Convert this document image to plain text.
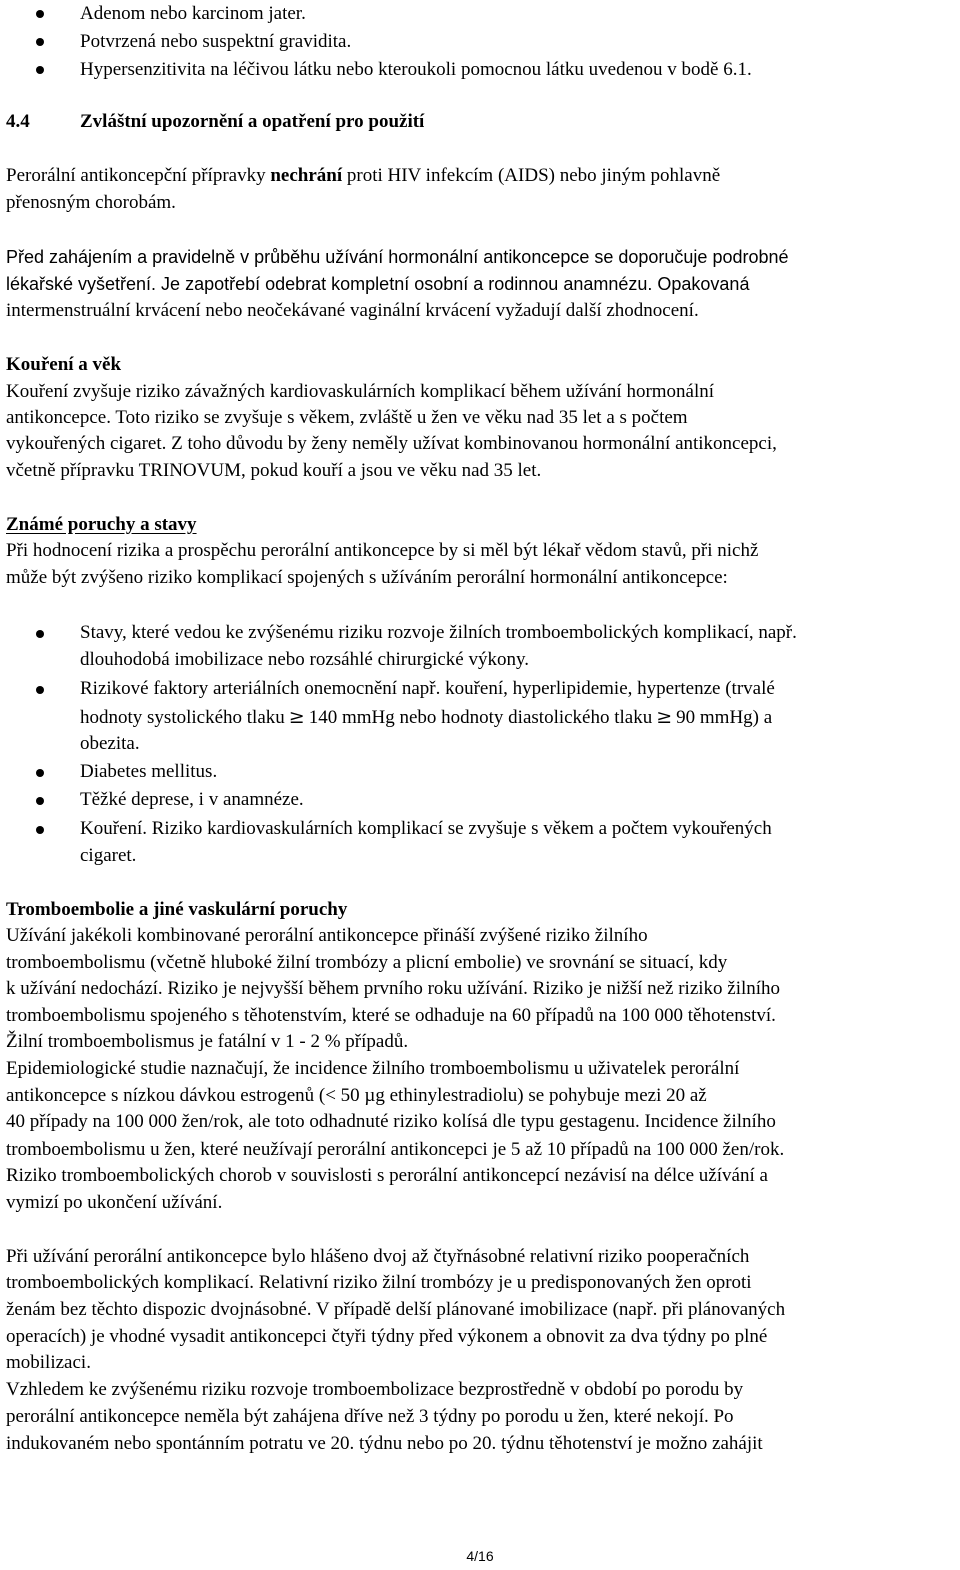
Adenom nebo karcinom jater.
Potvrzená nebo suspektní gravidita.
Hypersenzitivita na léčivou látku nebo kteroukoli pomocnou látku uvedenou v bodě 6.1.
4.4	Zvláštní upozornění a opatření pro použití
Perorální antikoncepční přípravky nechrání proti HIV infekcím (AIDS) nebo jiným pohlavně
přenosným chorobám.
Před zahájením a pravidelně v průběhu užívání hormonální antikoncepce se doporučuje podrobné
lékařské vyšetření. Je zapotřebí odebrat kompletní osobní a rodinnou anamnézu. Opakovaná
intermenstruální krvácení nebo neočekávané vaginální krvácení vyžadují další zhodnocení.
Kouření a věk
Kouření zvyšuje riziko závažných kardiovaskulárních komplikací během užívání hormonální
antikoncepce. Toto riziko se zvyšuje s věkem, zvláště u žen ve věku nad 35 let a s počtem
vykouřených cigaret. Z toho důvodu by ženy neměly užívat kombinovanou hormonální antikoncepci,
včetně přípravku TRINOVUM, pokud kouří a jsou ve věku nad 35 let.
Známé poruchy a stavy
Při hodnocení rizika a prospěchu perorální antikoncepce by si měl být lékař vědom stavů, při nichž
může být zvýšeno riziko komplikací spojených s užíváním perorální hormonální antikoncepce:
Stavy, které vedou ke zvýšenému riziku rozvoje žilních tromboembolických komplikací, např.
dlouhodobá imobilizace nebo rozsáhlé chirurgické výkony.
Rizikové faktory arteriálních onemocnění např. kouření, hyperlipidemie, hypertenze (trvalé
hodnoty systolického tlaku ≥ 140 mmHg nebo hodnoty diastolického tlaku ≥ 90 mmHg) a
obezita.
Diabetes mellitus.
Těžké deprese, i v anamnéze.
Kouření. Riziko kardiovaskulárních komplikací se zvyšuje s věkem a počtem vykouřených
cigaret.
Tromboembolie a jiné vaskulární poruchy
Užívání jakékoli kombinované perorální antikoncepce přináší zvýšené riziko žilního
tromboembolismu (včetně hluboké žilní trombózy a plicní embolie) ve srovnání se situací, kdy
k užívání nedochází. Riziko je nejvyšší během prvního roku užívání. Riziko je nižší než riziko žilního
tromboembolismu spojeného s těhotenstvím, které se odhaduje na 60 případů na 100 000 těhotenství.
Žilní tromboembolismus je fatální v 1 - 2 % případů.
Epidemiologické studie naznačují, že incidence žilního tromboembolismu u uživatelek perorální
antikoncepce s nízkou dávkou estrogenů (< 50 µg ethinylestradiolu) se pohybuje mezi 20 až
40 případy na 100 000 žen/rok, ale toto odhadnuté riziko kolísá dle typu gestagenu. Incidence žilního
tromboembolismu u žen, které neužívají perorální antikoncepci je 5 až 10 případů na 100 000 žen/rok.
Riziko tromboembolických chorob v souvislosti s perorální antikoncepcí nezávisí na délce užívání a
vymizí po ukončení užívání.
Při užívání perorální antikoncepce bylo hlášeno dvoj až čtyřnásobné relativní riziko pooperačních
tromboembolických komplikací. Relativní riziko žilní trombózy je u predisponovaných žen oproti
ženám bez těchto dispozic dvojnásobné. V případě delší plánované imobilizace (např. při plánovaných
operacích) je vhodné vysadit antikoncepci čtyři týdny před výkonem a obnovit za dva týdny po plné
mobilizaci.
Vzhledem ke zvýšenému riziku rozvoje tromboembolizace bezprostředně v období po porodu by
perorální antikoncepce neměla být zahájena dříve než 3 týdny po porodu u žen, které nekojí. Po
indukovaném nebo spontánním potratu ve 20. týdnu nebo po 20. týdnu těhotenství je možno zahájit
4/16
